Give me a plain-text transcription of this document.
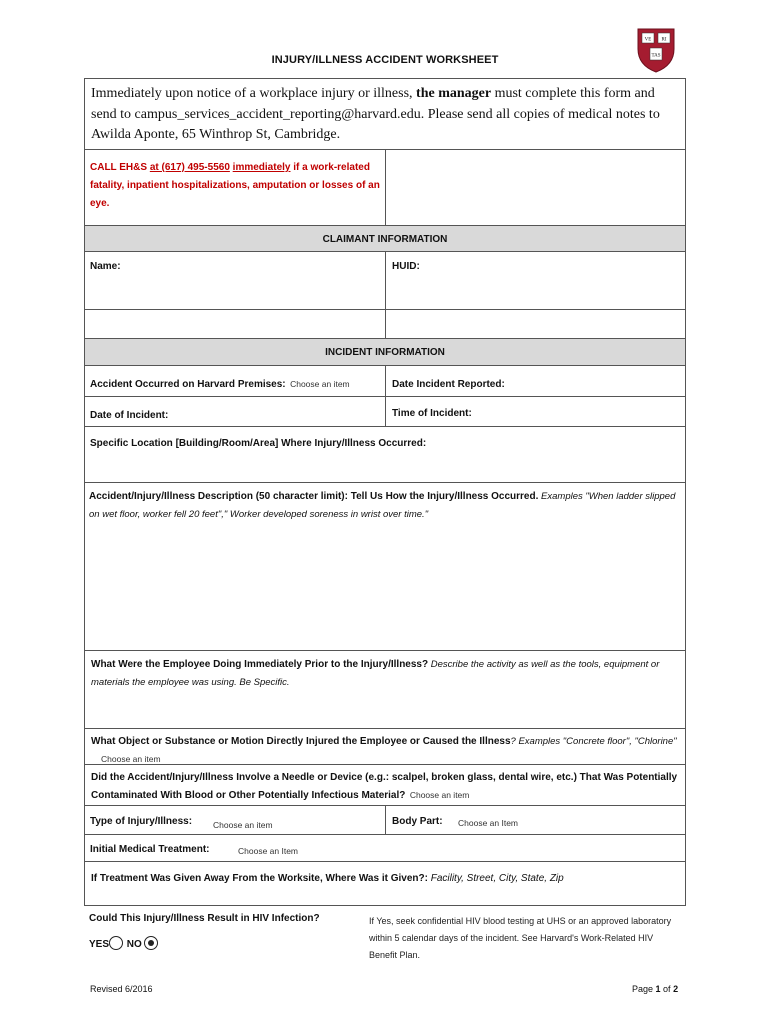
INJURY/ILLNESS ACCIDENT WORKSHEET
VE RI
TAS
Immediately upon notice of a workplace injury or illness, the manager must complete this form and send to campus_services_accident_reporting@harvard.edu. Please send all copies of medical notes to Awilda Aponte, 65 Winthrop St, Cambridge.
CALL EH&S at (617) 495-5560 immediately if a work-related fatality, inpatient hospitalizations, amputation or losses of an eye.
CLAIMANT INFORMATION
Name:	HUID:
INCIDENT INFORMATION
Accident Occurred on Harvard Premises: Choose an item	Date Incident Reported:
Date of Incident:	Time of Incident:
Specific Location [Building/Room/Area] Where Injury/Illness Occurred:
Accident/Injury/Illness Description (50 character limit): Tell Us How the Injury/Illness Occurred. Examples "When ladder slipped on wet floor, worker fell 20 feet"," Worker developed soreness in wrist over time."
What Were the Employee Doing Immediately Prior to the Injury/Illness? Describe the activity as well as the tools, equipment or materials the employee was using. Be Specific.
What Object or Substance or Motion Directly Injured the Employee or Caused the Illness? Examples "Concrete floor", "Chlorine" Choose an item
Did the Accident/Injury/Illness Involve a Needle or Device (e.g.: scalpel, broken glass, dental wire, etc.) That Was Potentially Contaminated With Blood or Other Potentially Infectious Material? Choose an item
Type of Injury/Illness: Choose an item	Body Part: Choose an Item
Initial Medical Treatment:	Choose an Item
If Treatment Was Given Away From the Worksite, Where Was it Given?: Facility, Street, City, State, Zip
Could This Injury/Illness Result in HIV Infection?
YES NO
If Yes, seek confidential HIV blood testing at UHS or an approved laboratory within 5 calendar days of the incident. See Harvard's Work-Related HIV Benefit Plan.
Revised 6/2016	Page 1 of 2
